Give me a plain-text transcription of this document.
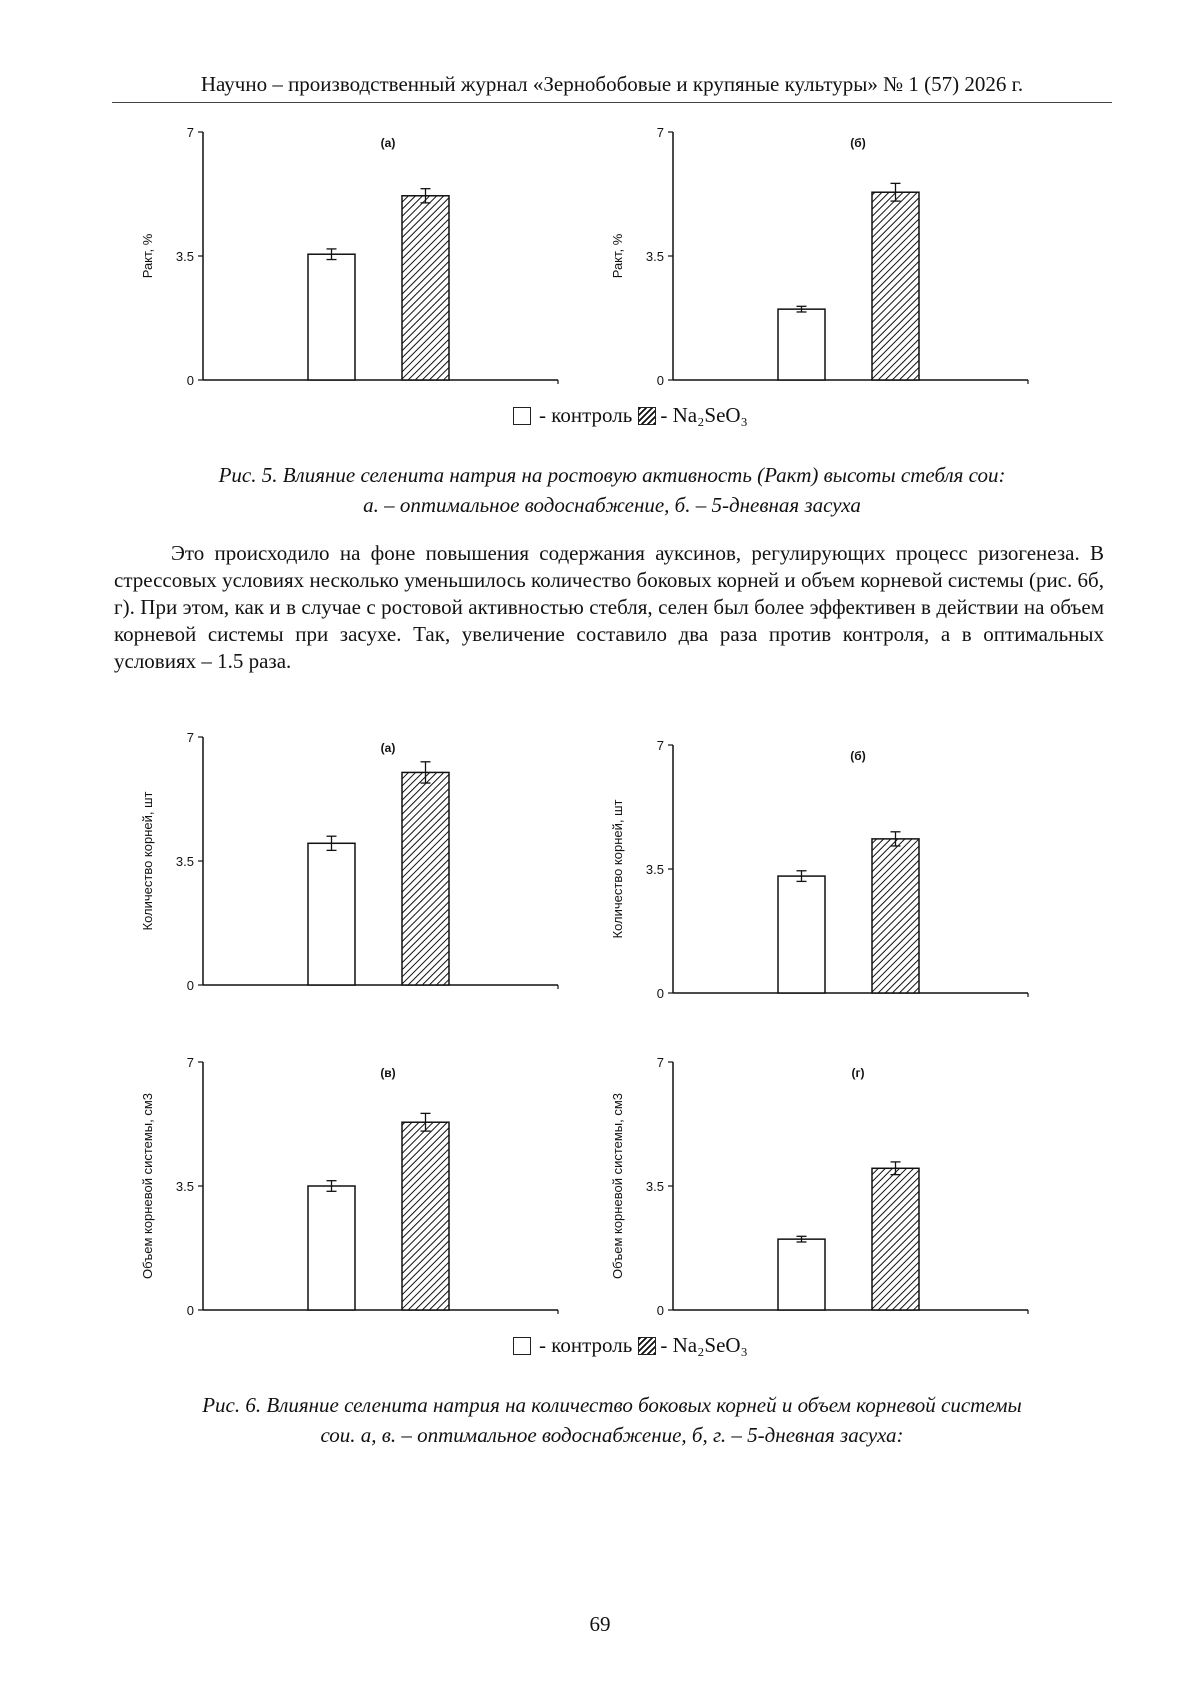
Научно – производственный журнал «Зернобобовые и крупяные культуры» № 1 (57) 2026 г.
0
3.5
7
Ракт, %
(а)
0
3.5
7
Ракт, %
(б)
- контроль - Na₂SeO₃
Рис. 5. Влияние селенита натрия на ростовую активность (Ракт) высоты стебля сои:
а. – оптимальное водоснабжение, б. – 5-дневная засуха
Это происходило на фоне повышения содержания ауксинов, регулирующих процесс ризогенеза. В стрессовых условиях несколько уменьшилось количество боковых корней и объем корневой системы (рис. 6б, г). При этом, как и в случае с ростовой активностью стебля, селен был более эффективен в действии на объем корневой системы при засухе. Так, увеличение составило два раза против контроля, а в оптимальных условиях – 1.5 раза.
0
3.5
7
Количество корней, шт
(а)
0
3.5
7
Количество корней, шт
(б)
0
3.5
7
Объем корневой системы, см3
(в)
0
3.5
7
Объем корневой системы, см3
(г)
- контроль - Na₂SeO₃
Рис. 6. Влияние селенита натрия на количество боковых корней и объем корневой системы
сои. а, в. – оптимальное водоснабжение, б, г. – 5-дневная засуха:
69
